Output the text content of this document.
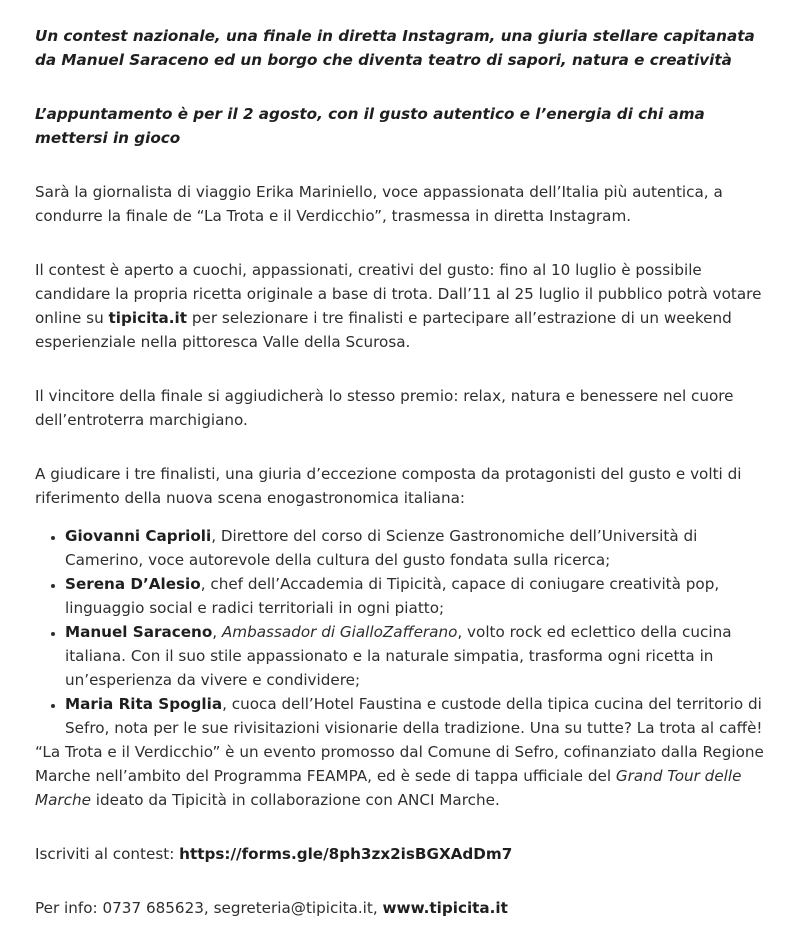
Un contest nazionale, una finale in diretta Instagram, una giuria stellare capitanata da Manuel Saraceno ed un borgo che diventa teatro di sapori, natura e creatività

L’appuntamento è per il 2 agosto, con il gusto autentico e l’energia di chi ama mettersi in gioco

Sarà la giornalista di viaggio Erika Mariniello, voce appassionata dell’Italia più autentica, a condurre la finale de “La Trota e il Verdicchio”, trasmessa in diretta Instagram.

Il contest è aperto a cuochi, appassionati, creativi del gusto: fino al 10 luglio è possibile candidare la propria ricetta originale a base di trota. Dall’11 al 25 luglio il pubblico potrà votare online su tipicita.it per selezionare i tre finalisti e partecipare all’estrazione di un weekend esperienziale nella pittoresca Valle della Scurosa.

Il vincitore della finale si aggiudicherà lo stesso premio: relax, natura e benessere nel cuore dell’entroterra marchigiano.

A giudicare i tre finalisti, una giuria d’eccezione composta da protagonisti del gusto e volti di riferimento della nuova scena enogastronomica italiana:

• Giovanni Caprioli, Direttore del corso di Scienze Gastronomiche dell’Università di Camerino, voce autorevole della cultura del gusto fondata sulla ricerca;
• Serena D’Alesio, chef dell’Accademia di Tipicità, capace di coniugare creatività pop, linguaggio social e radici territoriali in ogni piatto;
• Manuel Saraceno, Ambassador di GialloZafferano, volto rock ed eclettico della cucina italiana. Con il suo stile appassionato e la naturale simpatia, trasforma ogni ricetta in un’esperienza da vivere e condividere;
• Maria Rita Spoglia, cuoca dell’Hotel Faustina e custode della tipica cucina del territorio di Sefro, nota per le sue rivisitazioni visionarie della tradizione. Una su tutte? La trota al caffè!

“La Trota e il Verdicchio” è un evento promosso dal Comune di Sefro, cofinanziato dalla Regione Marche nell’ambito del Programma FEAMPA, ed è sede di tappa ufficiale del Grand Tour delle Marche ideato da Tipicità in collaborazione con ANCI Marche.

Iscriviti al contest: https://forms.gle/8ph3zx2isBGXAdDm7

Per info: 0737 685623, segreteria@tipicita.it, www.tipicita.it
